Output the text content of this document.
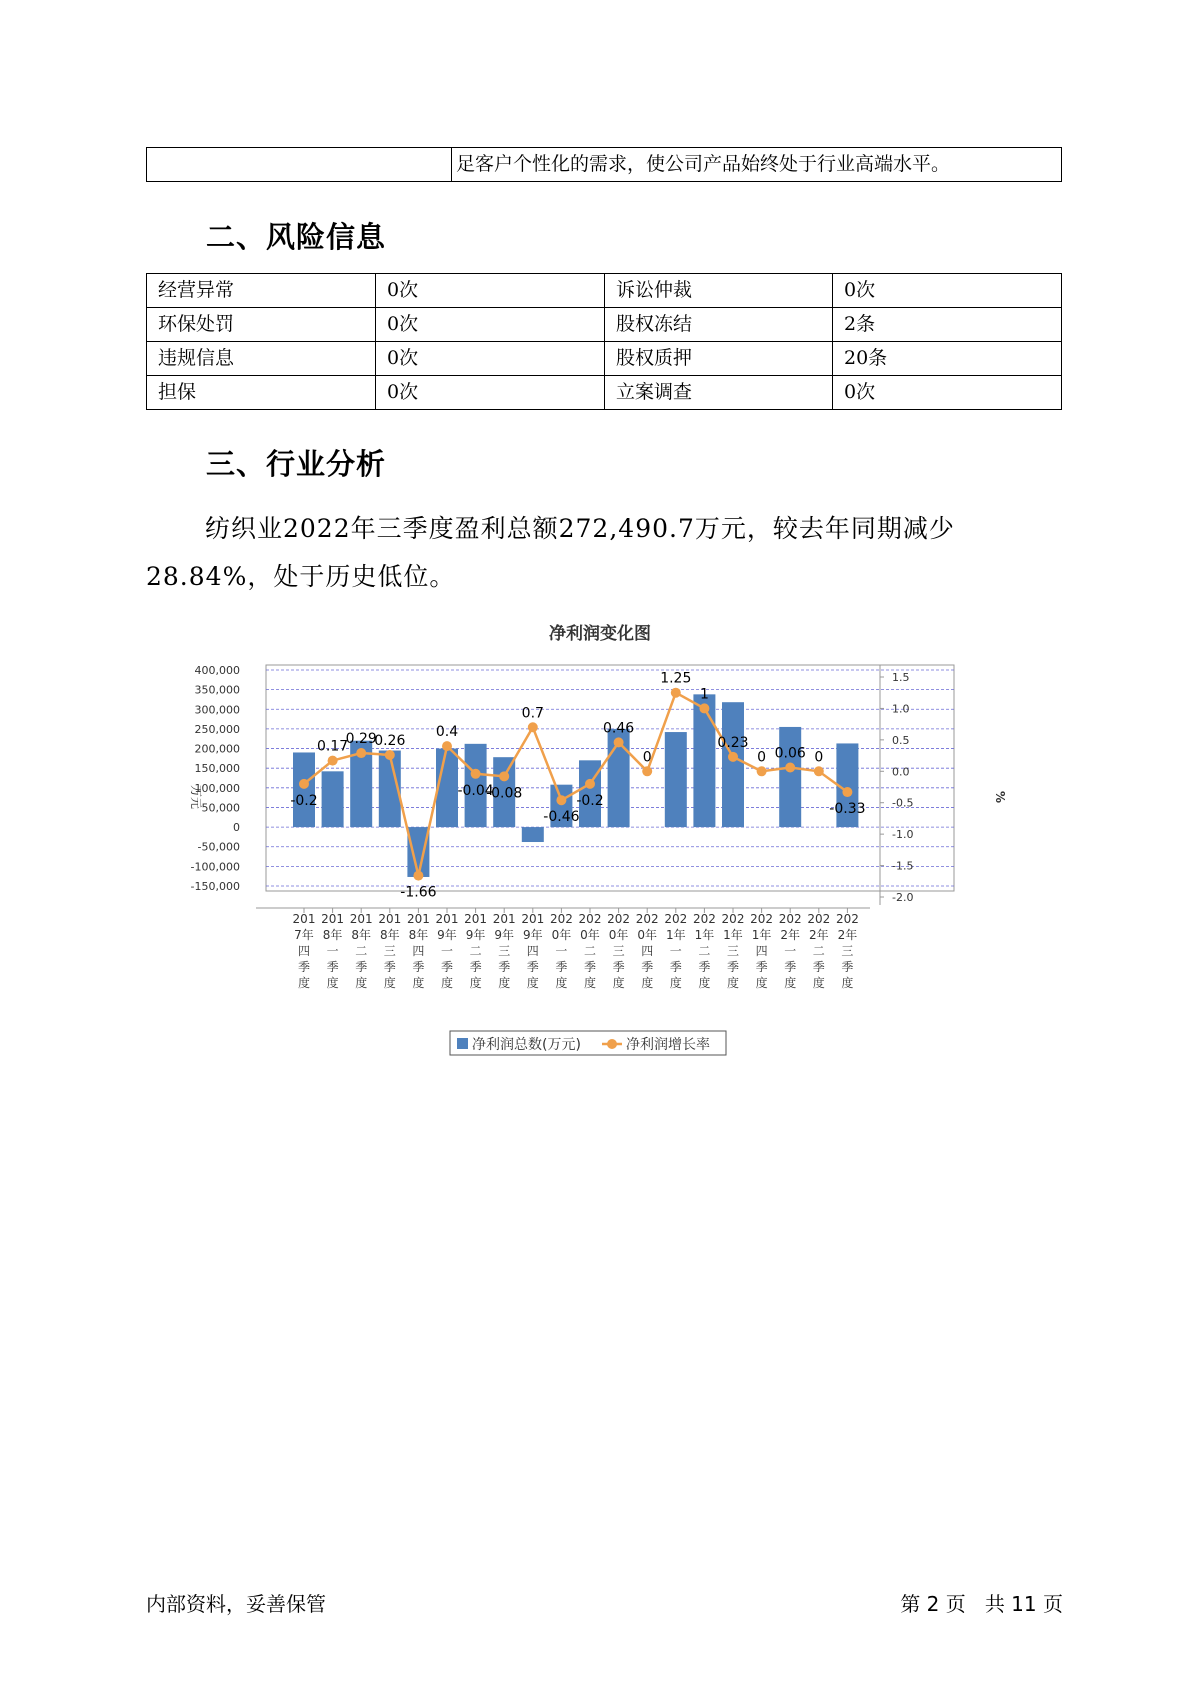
	足客户个性化的需求，使公司产品始终处于行业高端水平。
二、风险信息
经营异常	0次	诉讼仲裁	0次
环保处罚	0次	股权冻结	2条
违规信息	0次	股权质押	20条
担保	0次	立案调查	0次
三、行业分析
纺织业2022年三季度盈利总额272,490.7万元，较去年同期减少28.84%，处于历史低位。
净利润变化图
400,000
350,000
300,000
250,000
200,000
150,000
100,000
50,000
0
-50,000
-100,000
-150,000
1.5
1.0
0.5
0.0
-0.5
-1.0
-1.5
-2.0
-0.2
0.17
0.29
0.26
-1.66
0.4
-0.04
-0.08
0.7
-0.46
-0.2
0.46
0
1.25
1
0.23
0 0.06 0
-0.33
201 7年四季度
201 8年一季度
201 8年二季度
201 8年三季度
201 8年四季度
201 9年一季度
201 9年二季度
201 9年三季度
201 9年四季度
202 0年一季度
202 0年二季度
202 0年三季度
202 0年四季度
202 1年一季度
202 1年二季度
202 1年三季度
202 1年四季度
202 2年一季度
202 2年二季度
202 2年三季度
万元	%
净利润总数(万元)	净利润增长率
内部资料，妥善保管	第 2 页   共 11 页
